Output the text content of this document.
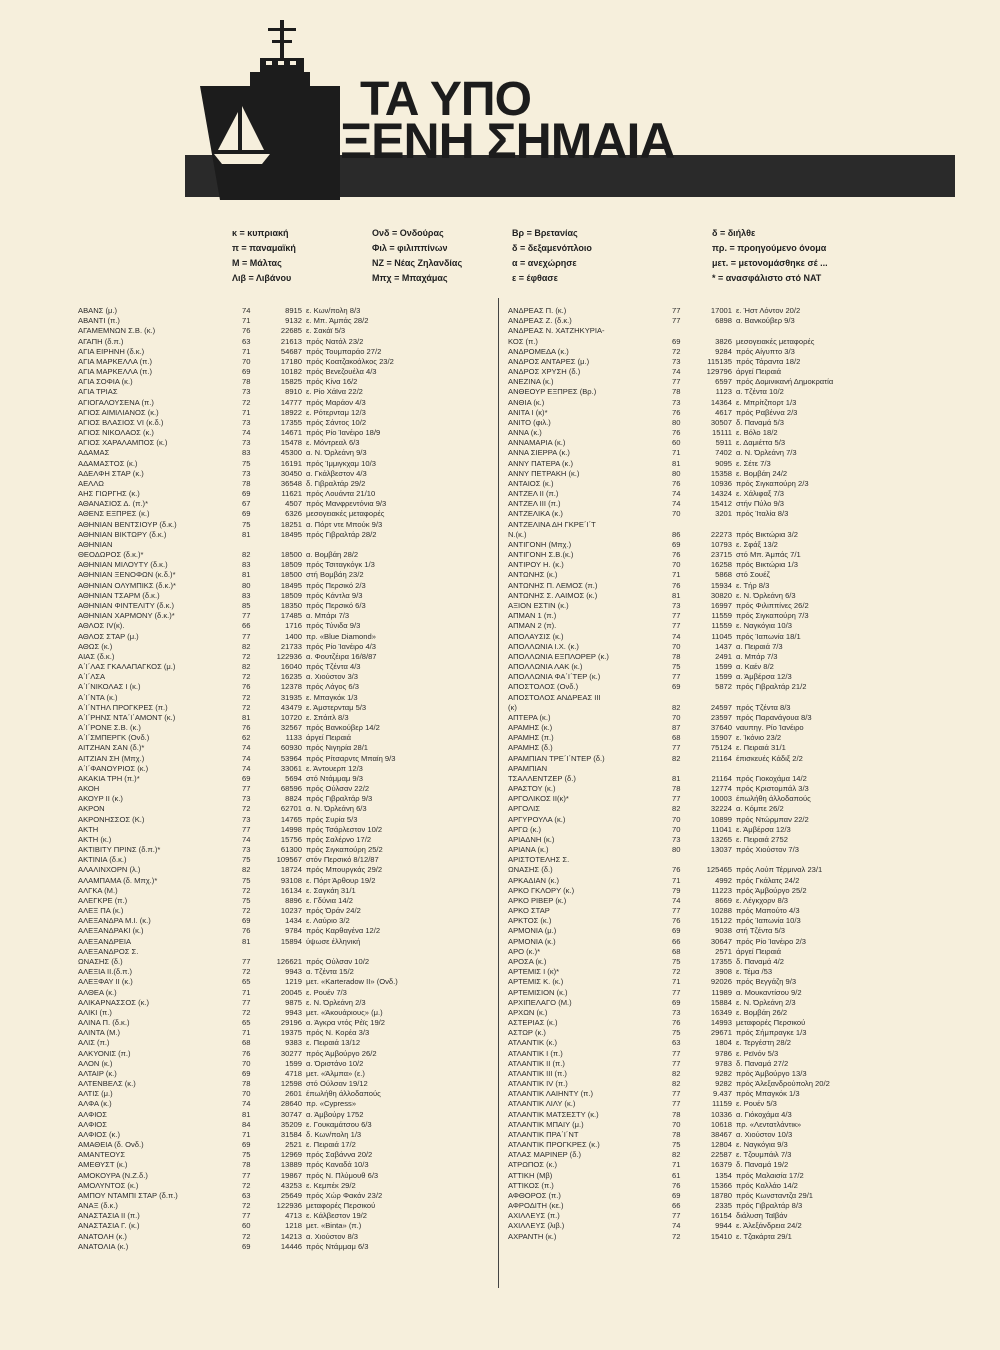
ΤΑ ΥΠΟ
ΞΕΝΗ ΣΗΜΑΙΑ
κ = κυπριακή
π = παναμαϊκή
Μ = Μάλτας
Λιβ = Λιβάνου
Ονδ = Ονδούρας
Φιλ = φιλιππίνων
ΝΖ = Νέας Ζηλανδίας
Μπχ = Μπαχάμας
Βρ = Βρετανίας
δ = δεξαμενόπλοιο
α = ανεχώρησε
ε = έφθασε
δ = διήλθε
πρ. = προηγούμενο όνομα
μετ. = μετονομάσθηκε σέ ...
* = ανασφάλιστο στό ΝΑΤ
ΑΒΑΝΣ (μ.)	74	8915 ε. Κων/πολη 8/3
ΑΒΑΝΤΙ (π.)	71	9132 ε. Μπ. Άμπάς 28/2
ΑΓΑΜΕΜΝΩΝ Σ.Β. (κ.)	76	22685 ε. Σακάϊ 5/3
ΑΓΑΠΗ (δ.π.)	63	21613 πρός Νατάλ 23/2
ΑΓΙΑ ΕΙΡΗΝΗ (δ.κ.)	71	54687 πρός Τουμπαράο 27/2
ΑΓΙΑ ΜΑΡΚΕΛΛΑ (π.)	70	17180 πρός Κοατζακοάλκος 23/2
ΑΓΙΑ ΜΑΡΚΕΛΛΑ (π.)	69	10182 πρός Βενεζουέλα 4/3
ΑΓΙΑ ΣΟΦΙΑ (κ.)	78	15825 πρός Κίνα 16/2
ΑΓΙΑ ΤΡΙΑΣ	73	8910 ε. Ρίο Χάϊνα 22/2
ΑΓΙΟΓΑΛΟΥΣΕΝΑ (π.)	72	14777 πρός Μαράον 4/3
ΑΓΙΟΣ ΑΙΜΙΛΙΑΝΟΣ (κ.)	71	18922 ε. Ρότερνταμ 12/3
ΑΓΙΟΣ ΒΛΑΣΙΟΣ VI (κ.δ.)	73	17355 πρός Σάντος 10/2
ΑΓΙΟΣ ΝΙΚΟΛΑΟΣ (κ.)	74	14671 πρός Ρίο Ίανέιρο 18/9
ΑΓΙΟΣ ΧΑΡΑΛΑΜΠΟΣ (κ.)	73	15478 ε. Μόντρεαλ 6/3
ΑΔΑΜΑΣ	83	45300 α. Ν. Όρλεάνη 9/3
ΑΔΑΜΑΣΤΟΣ (κ.)	75	16191 πρός Ίμμιγκχαμ 10/3
ΑΔΕΛΦΗ ΣΤΑΡ (κ.)	73	30450 α. Γκάλβεστον 4/3
ΑΕΛΛΩ	78	36548 δ. Γιβραλτάρ 29/2
ΑΗΣ ΓΙΩΡΓΗΣ (κ.)	69	11621 πρός Λουάντα 21/10
ΑΘΑΝΑΣΙΟΣ Δ. (π.)*	67	4507 πρός Μανφρεντόνια 9/3
ΑΘΕΝΣ ΕΞΠΡΕΣ (κ.)	69	6326 μεσογειακές μεταφορές
ΑΘΗΝΙΑΝ ΒΕΝΤΣΙΟΥΡ (δ.κ.)	75	18251 α. Πόρτ ντε Μπούκ 9/3
ΑΘΗΝΙΑΝ ΒΙΚΤΩΡΥ (δ.κ.)	81	18495 πρός Γιβραλτάρ 28/2
ΑΘΗΝΙΑΝ
ΘΕΟΔΩΡΟΣ (δ.κ.)*	82	18500 α. Βομβάη 28/2
ΑΘΗΝΙΑΝ ΜΙΛΟΥΤΥ (δ.κ.)	83	18509 πρός Τσιταγκόγκ 1/3
ΑΘΗΝΙΑΝ ΞΕΝΟΦΩΝ (κ.δ.)*	81	18500 στή Βομβάη 23/2
ΑΘΗΝΙΑΝ ΟΛΥΜΠΙΚΣ (δ.κ.)*	80	18495 πρός Περσικό 2/3
ΑΘΗΝΙΑΝ ΤΣΑΡΜ (δ.κ.)	83	18509 πρός Κάντλα 9/3
ΑΘΗΝΙΑΝ ΦΙΝΤΕΛΙΤΥ (δ.κ.)	85	18350 πρός Περσικό 6/3
ΑΘΗΝΙΑΝ ΧΑΡΜΟΝΥ (δ.κ.)*	77	17485 α. Μπάρι 7/3
ΑΘΛΟΣ IV(κ).	66	1716 πρός Τύνιδα 9/3
ΑΘΛΟΣ ΣΤΑΡ (μ.)	77	1400 πρ. «Blue Diamond»
ΑΘΩΣ (κ.)	82	21733 πρός Ρίο Ίανέιρο 4/3
ΑΙΑΣ (δ.κ.)	72	122936 α. Φουτζέιρα 16/8/87
Α΄Ι΄ΛΑΣ ΓΚΑΛΑΠΑΓΚΟΣ (μ.)	82	16040 πρός Τζέντα 4/3
Α΄Ι΄ΛΣΑ	72	16235 α. Χιούστον 3/3
Α΄Ι΄ΝΙΚΟΛΑΣ Ι (κ.)	76	12378 πρός Λάγος 6/3
Α΄Ι΄ΝΤΑ (κ.)	72	31935 ε. Μπαγκόκ 1/3
Α΄Ι΄ΝΤΗΛ ΠΡΟΓΚΡΕΣ (π.)	72	43479 ε. Άμστερνταμ 5/3
Α΄Ι΄ΡΗΝΣ ΝΤΑ΄Ι΄ΑΜΟΝΤ (κ.)	81	10720 ε. Σπάιτλ 8/3
Α΄Ι΄ΡΟΝΕ Σ.Β. (κ.)	76	32567 πρός Βανκούβερ 14/2
Α΄Ι΄ΣΜΠΕΡΓΚ (Ονδ.)	62	1133 άργεί Πειραιά
ΑΙΤΖΗΑΝ ΣΑΝ (δ.)*	74	60930 πρός Νιγηρία 28/1
ΑΙΤΖΙΑΝ ΣΗ (Μπχ.)	74	53964 πρός Ρίτσαρντς Μπαίη 9/3
Α΄Ι΄ΦΑΝΟΥΡΙΟΣ (κ.)	74	33061 ε. Άντουερπ 12/3
ΑΚΑΚΙΑ ΤΡΗ (π.)*	69	5694 στό Ντάμμαμ 9/3
ΑΚΟΗ	77	68596 πρός Ούλσαν 22/2
ΑΚΟΥΡ ΙΙ (κ.)	73	8824 πρός Γιβραλτάρ 9/3
ΑΚΡΟΝ	72	62701 α. Ν. Όρλεάνη 6/3
ΑΚΡΟΝΗΣΣΟΣ (Κ.)	73	14765 πρός Συρία 5/3
ΑΚΤΗ	77	14998 πρός Τσάρλεστον 10/2
ΑΚΤΗ (κ.)	74	15756 πρός Σαλέρνο 17/2
ΑΚΤΙΒΙΤΥ ΠΡΙΝΣ (δ.π.)*	73	61300 πρός Σιγκαπούρη 25/2
ΑΚΤΙΝΙΑ (δ.κ.)	75	109567 στόν Περσικό 8/12/87
ΑΛΑΛΙΝΧΟΡΝ (λ.)	82	18724 πρός Μπουργκάς 29/2
ΑΛΑΜΠΑΜΑ (δ. Μπχ.)*	75	93108 ε. Πόρτ Άρθουρ 19/2
ΑΛΓΚΑ (Μ.)	72	16134 ε. Σαγκάη 31/1
ΑΛΕΓΚΡΕ (π.)	75	8896 ε. Γδύνια 14/2
ΑΛΕΞ ΠΑ (κ.)	72	10237 πρός Όράν 24/2
ΑΛΕΞΑΝΔΡΑ Μ.Ι. (κ.)	69	1434 ε. Λαύριο 3/2
ΑΛΕΞΑΝΔΡΑΚΙ (κ.)	76	9784 πρός Καρθαγένα 12/2
ΑΛΕΞΑΝΔΡΕΙΑ	81	15894 ύψωσε έλληνική
ΑΛΕΞΑΝΔΡΟΣ Σ.
ΩΝΑΣΗΣ (δ.)	77	126621 πρός Ούλσαν 10/2
ΑΛΕΞΙΑ ΙΙ.(δ.π.)	72	9943 α. Τζέντα 15/2
ΑΛΕΞΦΑΥ ΙΙ (κ.)	65	1219 μετ. «Karteradow II» (Ονδ.)
ΑΛΘΕΑ (κ.)	71	20045 ε. Ρουέν 7/3
ΑΛΙΚΑΡΝΑΣΣΟΣ (κ.)	77	9875 ε. Ν. Όρλεάνη 2/3
ΑΛΙΚΙ (π.)	72	9943 μετ. «Άκουάριους» (μ.)
ΑΛΙΝΑ Π. (δ.κ.)	65	29196 α. Άγκρα ντός Ρέϊς 19/2
ΑΛΙΝΤΑ (Μ.)	71	19375 πρός Ν. Κορέα 3/3
ΑΛΙΣ (π.)	68	9383 ε. Πειραιά 13/12
ΑΛΚΥΟΝΙΣ (π.)	76	30277 πρός Άμβούργο 26/2
ΑΛΟΝ (κ.)	70	1599 α. Όριστάνο 10/2
ΑΛΤΑΙΡ (κ.)	69	4718 μετ. «Άλμπα» (ε.)
ΑΛΤΕΝΒΕΛΣ (κ.)	78	12598 στό Ούλσαν 19/12
ΑΛΤΙΣ (μ.)	70	2601 έπωλήθη άλλοδαπούς
ΑΛΦΑ (κ.)	74	28640 πρ. «Cypress»
ΑΛΦΙΟΣ	81	30747 α. Άμβούργ 1752
ΑΛΦΙΟΣ	84	35209 ε. Γουκαμάτσου 6/3
ΑΛΦΙΟΣ (κ.)	71	31584 δ. Κων/πολη 1/3
ΑΜΑΘΕΙΑ (δ. Ονδ.)	69	2521 ε. Πειραιά 17/2
ΑΜΑΝΤΕΟΥΣ	75	12969 πρός Σαβάννα 20/2
ΑΜΕΘΥΣΤ (κ.)	78	13889 πρός Καναδά 10/3
ΑΜΟΚΟΥΡΑ (Ν.Ζ.δ.)	77	19867 πρός Ν. Πλύμουθ 6/3
ΑΜΟΛΥΝΤΟΣ (κ.)	72	43253 ε. Κεμπέκ 29/2
ΑΜΠΟΥ ΝΤΑΜΠΙ ΣΤΑΡ (δ.π.)	63	25649 πρός Χώρ Φακάν 23/2
ΑΝΑΞ (δ.κ.)	72	122936 μεταφορές Περσικού
ΑΝΑΣΤΑΣΙΑ ΙΙ (π.)	77	4713 ε. Κάλβεστον 19/2
ΑΝΑΣΤΑΣΙΑ Γ. (κ.)	60	1218 μετ. «Binta» (π.)
ΑΝΑΤΟΛΗ (κ.)	72	14213 α. Χιούστον 8/3
ΑΝΑΤΟΛΙΑ (κ.)	69	14446 πρός Ντάμμαμ 6/3
ΑΝΔΡΕΑΣ Π. (κ.)	77	17001 ε. Ήστ Λόντον 20/2
ΑΝΔΡΕΑΣ Ζ. (δ.κ.)	77	6898 α. Βανκούβερ 9/3
ΑΝΔΡΕΑΣ Ν. ΧΑΤΖΗΚΥΡΙΑ-
ΚΟΣ (π.)	69	3826 μεσογειακές μεταφορές
ΑΝΔΡΟΜΕΔΑ (κ.)	72	9284 πρός Αίγυπτο 3/3
ΑΝΔΡΟΣ ΑΝΤΑΡΕΣ (μ.)	73	115135 πρός Τάραντα 18/2
ΑΝΔΡΟΣ ΧΡΥΣΗ (δ.)	74	129796 άργεί Πειραιά
ΑΝΕΖΙΝΑ (κ.)	77	6597 πρός Δομινικανή Δημοκρατία
ΑΝΘΕΟΥΡ ΕΞΠΡΕΣ (Βρ.)	78	1123 α. Τζέντα 10/2
ΑΝΘΙΑ (κ.)	73	14364 ε. Μπρίτζπορτ 1/3
ΑΝΙΤΑ Ι (κ)*	76	4617 πρός Ραβέννα 2/3
ΑΝΙΤΟ (φιλ.)	80	30507 δ. Παναμά 5/3
ΑΝΝΑ (κ.)	76	15111 ε. Βόλο 18/2
ΑΝΝΑΜΑΡΙΑ (κ.)	60	5911 ε. Δαμιέττα 5/3
ΑΝΝΑ ΣΙΕΡΡΑ (κ.)	71	7402 α. Ν. Όρλεάνη 7/3
ΑΝΝΥ ΠΑΤΕΡΑ (κ.)	81	9095 ε. Σέτε 7/3
ΑΝΝΥ ΠΕΤΡΑΚΗ (κ.)	80	15358 ε. Βομβάη 24/2
ΑΝΤΑΙΟΣ (κ.)	76	10936 πρός Σιγκαπούρη 2/3
ΑΝΤΖΕΛ ΙΙ (π.)	74	14324 ε. Χάλιφαξ 7/3
ΑΝΤΖΕΛ ΙΙΙ (π.)	74	15412 στήν Πύλο 9/3
ΑΝΤΖΕΛΙΚΑ (κ.)	70	3201 πρός Ίταλία 8/3
ΑΝΤΖΕΛΙΝΑ ΔΗ ΓΚΡΕ΄Ι΄Τ
Ν.(κ.)	86	22273 πρός Βικτώρια 3/2
ΑΝΤΙΓΟΝΗ (Μπχ.)	69	10793 ε. Σφάξ 13/2
ΑΝΤΙΓΟΝΗ Σ.Β.(κ.)	76	23715 στό Μπ. Άμπάς 7/1
ΑΝΤΙΡΟΥ Η. (κ.)	70	16258 πρός Βικτώρια 1/3
ΑΝΤΩΝΗΣ (κ.)	71	5868 στό Σουέζ
ΑΝΤΩΝΗΣ Π. ΛΕΜΟΣ (π.)	76	15934 ε. Τήρ 8/3
ΑΝΤΩΝΗΣ Σ. ΛΑΙΜΟΣ (κ.)	81	30820 ε. Ν. Όρλεάνη 6/3
ΑΞΙΟΝ ΕΣΤΙΝ (κ.)	73	16997 πρός Φιλιππίνες 26/2
ΑΠΜΑΝ 1 (π.)	77	11559 πρός Σιγκαπούρη 7/3
ΑΠΜΑΝ 2 (π).	77	11559 ε. Ναγκόγια 10/3
ΑΠΟΛΑΥΣΙΣ (κ.)	74	11045 πρός Ίαπωνία 18/1
ΑΠΟΛΛΩΝΙΑ Ι.Χ. (κ.)	70	1437 α. Πειραιά 7/3
ΑΠΟΛΛΩΝΙΑ ΕΞΠΛΟΡΕΡ (κ.)	78	2491 α. Μπάρ 7/3
ΑΠΟΛΛΩΝΙΑ ΛΑΚ (κ.)	75	1599 α. Καέν 8/2
ΑΠΟΛΛΩΝΙΑ ΦΑ΄Ι΄ΤΕΡ (κ.)	77	1599 α. Άμβέρσα 12/3
ΑΠΟΣΤΟΛΟΣ (Ονδ.)	69	5872 πρός Γιβραλτάρ 21/2
ΑΠΟΣΤΟΛΟΣ ΑΝΔΡΕΑΣ ΙΙΙ
(κ)	82	24597 πρός Τζέντα 8/3
ΑΠΤΕΡΑ (κ.)	70	23597 πρός Παρανάγουα 8/3
ΑΡΑΜΗΣ (κ.)	87	37640 ναυπηγ. Ρίο Ίανέιρο
ΑΡΑΜΗΣ (π.)	68	15907 ε. Ίκόνιο 23/2
ΑΡΑΜΗΣ (δ.)	77	75124 ε. Πειραιά 31/1
ΑΡΑΜΠΙΑΝ ΤΡΕ΄Ι΄ΝΤΕΡ (δ.)	82	21164 έπισκευές Κάδιξ 2/2
ΑΡΑΜΠΙΑΝ
ΤΣΑΛΛΕΝΤΖΕΡ (δ.)	81	21164 πρός Γιοκοχάμα 14/2
ΑΡΑΣΤΟΥ (κ.)	78	12774 πρός Κριστομπάλ 3/3
ΑΡΓΟΛΙΚΟΣ ΙΙ(κ)*	77	10003 έπωλήθη άλλοδαπούς
ΑΡΓΟΛΙΣ	82	32224 α. Κόμπε 26/2
ΑΡΓΥΡΟΥΛΑ (κ.)	70	10899 πρός Ντώρμπαν 22/2
ΑΡΓΩ (κ.)	70	11041 ε. Άμβέρσα 12/3
ΑΡΙΑΔΝΗ (κ.)	73	13265 ε. Πειραιά 2752
ΑΡΙΑΝΑ (κ.)	80	13037 πρός Χιούστον 7/3
ΑΡΙΣΤΟΤΕΛΗΣ Σ.
ΩΝΑΣΗΣ (δ.)	76	125465 πρός Λούπ Τέρμιναλ 23/1
ΑΡΚΑΔΙΑΝ (κ.)	71	4992 πρός Γκάλατς 24/2
ΑΡΚΟ ΓΚΛΟΡΥ (κ.)	79	11223 πρός Άμβούργο 25/2
ΑΡΚΟ ΡΙΒΕΡ (κ.)	74	8669 ε. Λέγκχορν 8/3
ΑΡΚΟ ΣΤΑΡ	77	10288 πρός Μαπούτο 4/3
ΑΡΚΤΟΣ (κ.)	76	15122 πρός Ίαπωνία 10/3
ΑΡΜΟΝΙΑ (μ.)	69	9038 στή Τζέντα 5/3
ΑΡΜΟΝΙΑ (κ.)	66	30647 πρός Ρίο Ίανέιρο 2/3
ΑΡΟ (κ.)*	68	2571 άργεί Πειραιά
ΑΡΟΣΑ (κ.)	75	17355 δ. Παναμά 4/2
ΑΡΤΕΜΙΣ Ι (κ)*	72	3908 ε. Τέμα /53
ΑΡΤΕΜΙΣ Κ. (κ.)	71	92026 πρός Βεγγάζη 9/3
ΑΡΤΕΜΙΣΙΟΝ (κ.)	77	11989 α. Μουκαντίσου 9/2
ΑΡΧΙΠΕΛΑΓΟ (Μ.)	69	15884 ε. Ν. Όρλεάνη 2/3
ΑΡΧΩΝ (κ.)	73	16349 ε. Βομβάη 26/2
ΑΣΤΕΡΙΑΣ (κ.)	76	14993 μεταφορές Περσικού
ΑΣΤΩΡ (κ.)	75	29671 πρός Σήμπραγκε 1/3
ΑΤΛΑΝΤΙΚ (κ.)	63	1804 ε. Τεργέστη 28/2
ΑΤΛΑΝΤΙΚ Ι (π.)	77	9786 ε. Ρεϊνόν 5/3
ΑΤΛΑΝΤΙΚ ΙΙ (π.)	77	9783 δ. Παναμά 27/2
ΑΤΛΑΝΤΙΚ ΙΙΙ (π.)	82	9282 πρός Άμβούργο 13/3
ΑΤΛΑΝΤΙΚ ΙV (π.)	82	9282 πρός Άλεξανδρούπολη 20/2
ΑΤΛΑΝΤΙΚ ΛΑΙΗΝΤΥ (π.)	77	9.437 πρός Μπαγκόκ 1/3
ΑΤΛΑΝΤΙΚ ΛΙΛΥ (κ.)	77	11159 ε. Ρουέν 5/3
ΑΤΛΑΝΤΙΚ ΜΑΤΣΕΣΤΥ (κ.)	78	10336 α. Γιόκοχάμα 4/3
ΑΤΛΑΝΤΙΚ ΜΠΑΙΥ (μ.)	70	10618 πρ. «Λεντατλάντικ»
ΑΤΛΑΝΤΙΚ ΠΡΑ΄Ι΄ΝΤ	78	38467 α. Χιούστον 10/3
ΑΤΛΑΝΤΙΚ ΠΡΟΓΚΡΕΣ (κ.)	75	12804 ε. Ναγκόγια 9/3
ΑΤΛΑΣ ΜΑΡΙΝΕΡ (δ.)	82	22587 ε. Τζουμπάιλ 7/3
ΑΤΡΩΠΟΣ (κ.)	71	16379 δ. Παναμά 19/2
ΑΤΤΙΚΗ (Μβ)	61	1354 πρός Μαλαισία 17/2
ΑΤΤΙΚΟΣ (π.)	76	15366 πρός Καλλάο 14/2
ΑΦΘΟΡΟΣ (π.)	69	18780 πρός Κωνσταντζα 29/1
ΑΦΡΟΔΙΤΗ (κε.)	66	2335 πρός Γιβραλτάρ 8/3
ΑΧΙΛΛΕΥΣ (π.)	77	16154 διάλυση Ταϊβάν
ΑΧΙΛΛΕΥΣ (λιβ.)	74	9944 ε. Άλεξάνδρεια 24/2
ΑΧΡΑΝΤΗ (κ.)	72	15410 ε. Τζακάρτα 29/1
